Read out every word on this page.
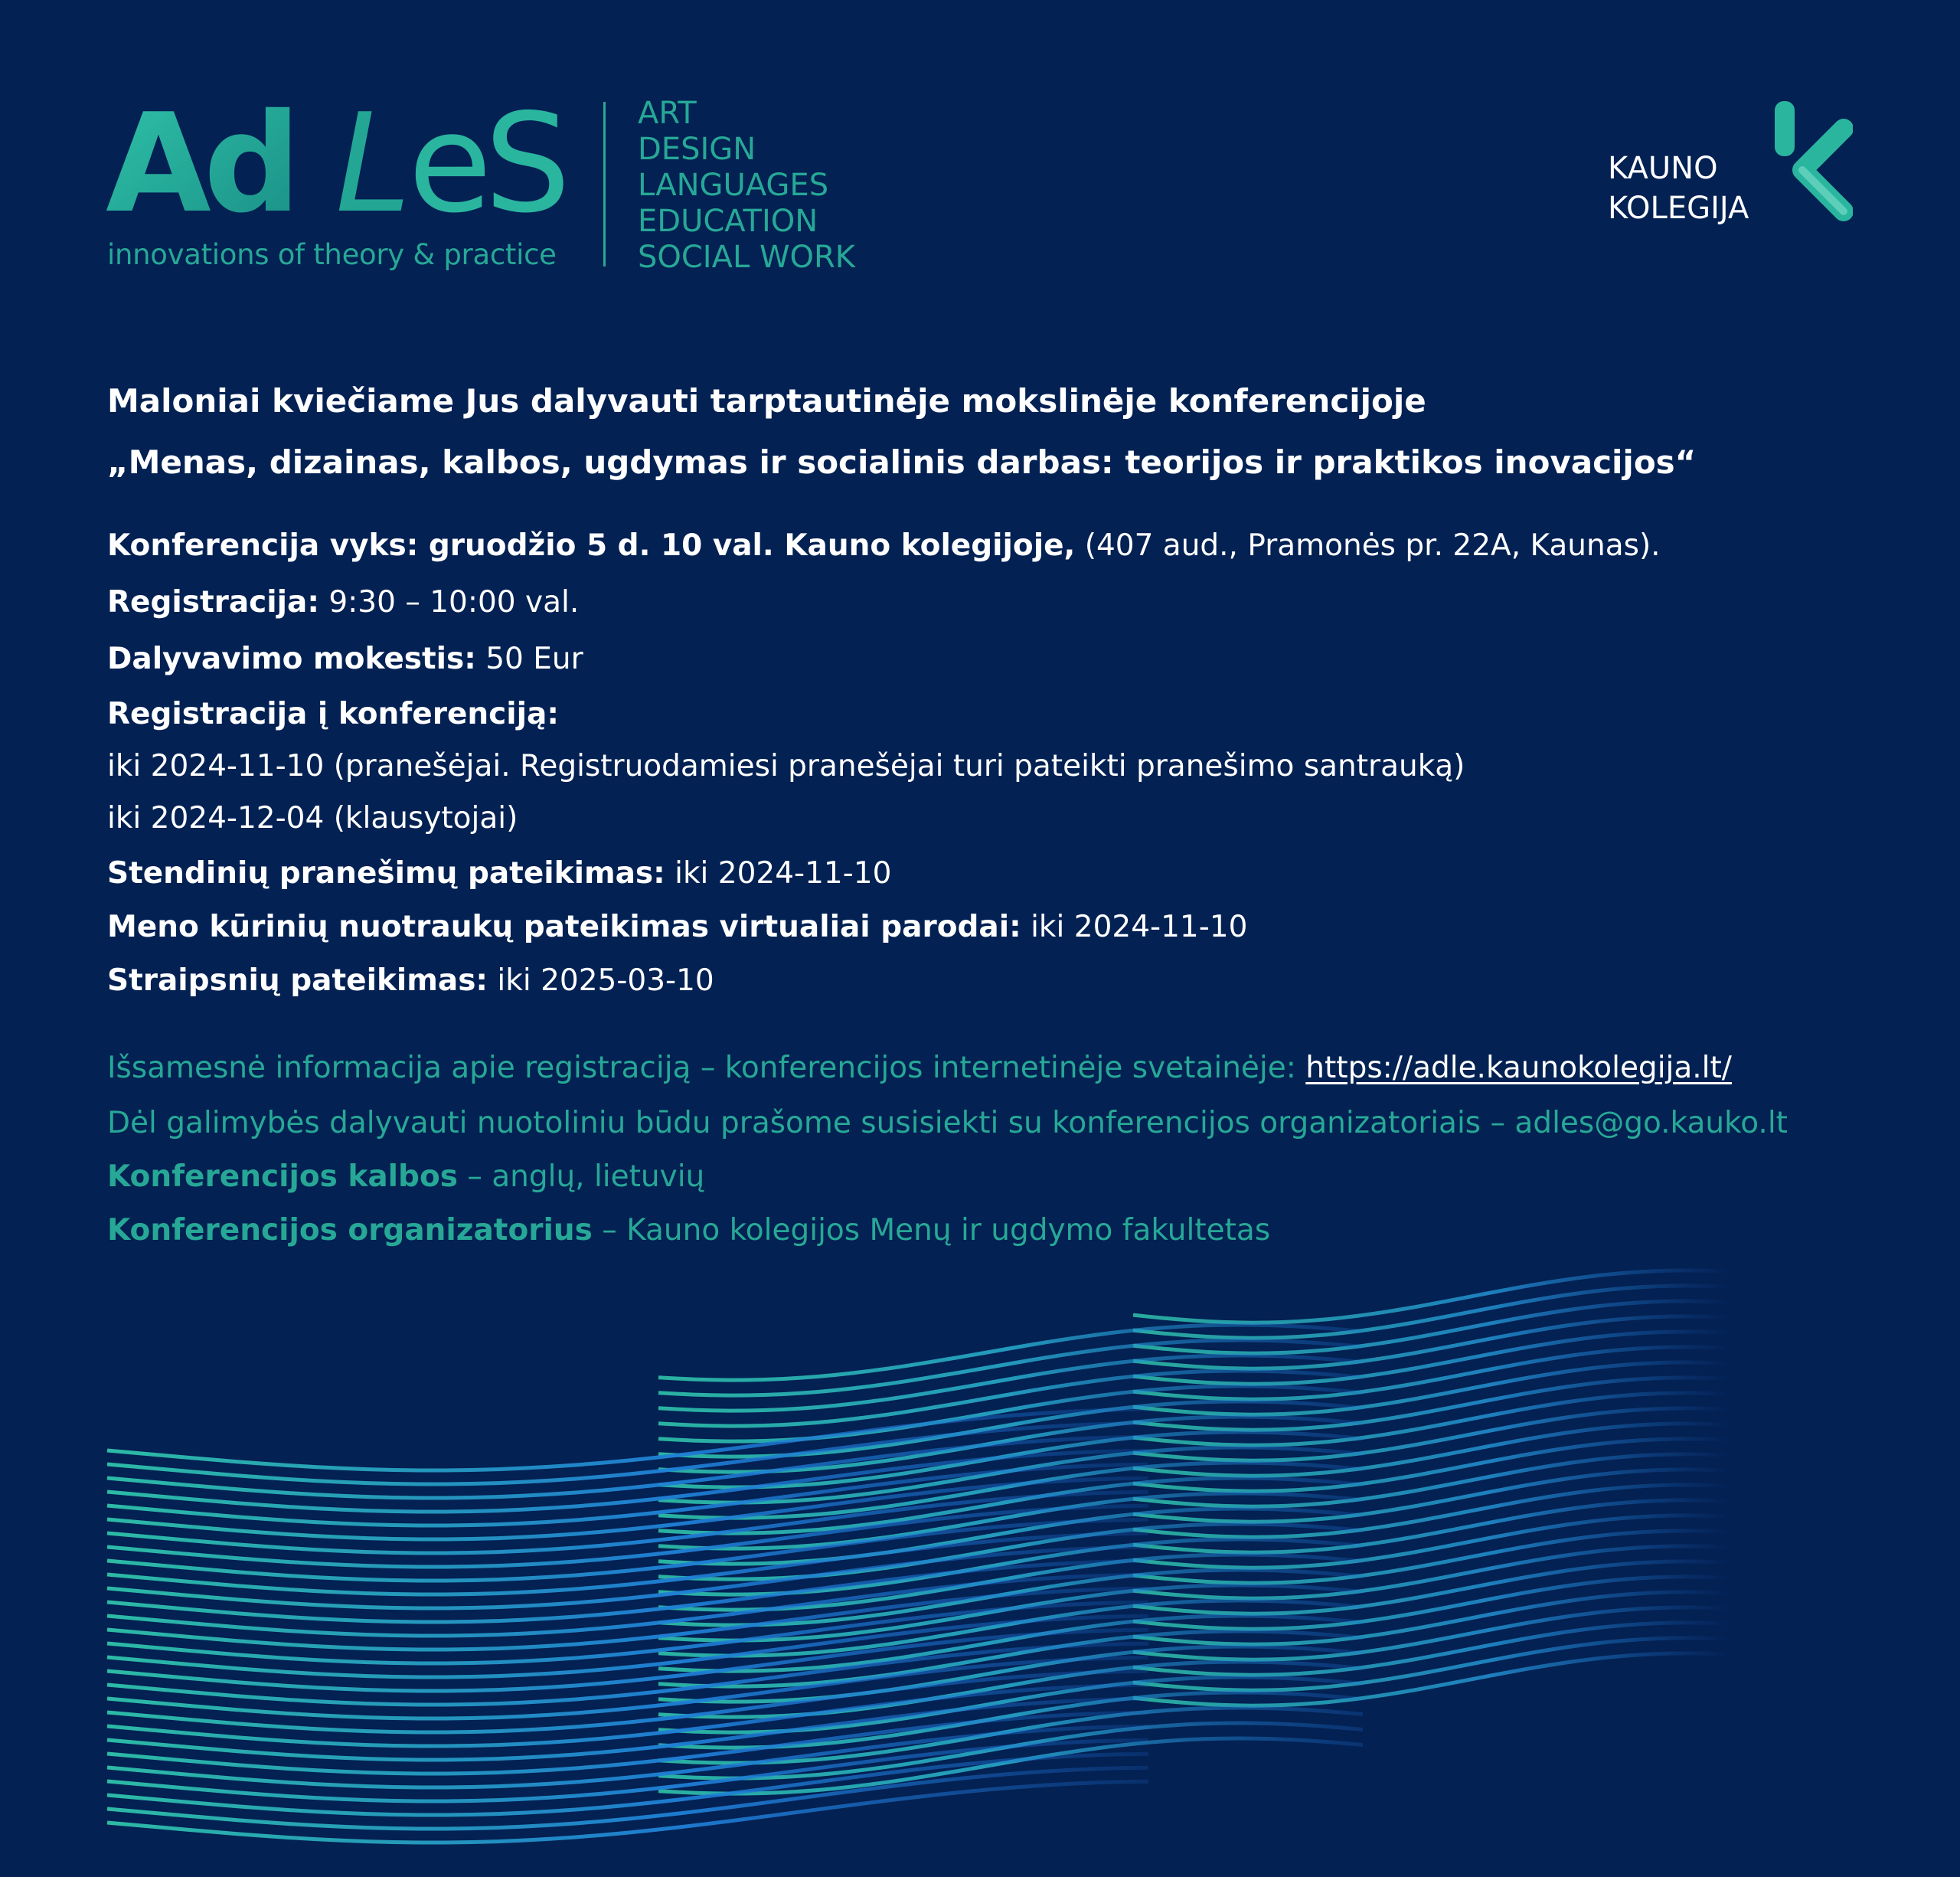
Ad L eS
innovations of theory & practice
ART
DESIGN
LANGUAGES
EDUCATION
SOCIAL WORK
KAUNO
KOLEGIJA
Maloniai kviečiame Jus dalyvauti tarptautinėje mokslinėje konferencijoje
„Menas, dizainas, kalbos, ugdymas ir socialinis darbas: teorijos ir praktikos inovacijos“
Konferencija vyks: gruodžio 5 d. 10 val. Kauno kolegijoje, (407 aud., Pramonės pr. 22A, Kaunas).
Registracija: 9:30 – 10:00 val.
Dalyvavimo mokestis: 50 Eur
Registracija į konferenciją:
iki 2024-11-10 (pranešėjai. Registruodamiesi pranešėjai turi pateikti pranešimo santrauką)
iki 2024-12-04 (klausytojai)
Stendinių pranešimų pateikimas: iki 2024-11-10
Meno kūrinių nuotraukų pateikimas virtualiai parodai: iki 2024-11-10
Straipsnių pateikimas: iki 2025-03-10
Išsamesnė informacija apie registraciją – konferencijos internetinėje svetainėje: https://adle.kaunokolegija.lt/
Dėl galimybės dalyvauti nuotoliniu būdu prašome susisiekti su konferencijos organizatoriais – adles@go.kauko.lt
Konferencijos kalbos – anglų, lietuvių
Konferencijos organizatorius – Kauno kolegijos Menų ir ugdymo fakultetas
